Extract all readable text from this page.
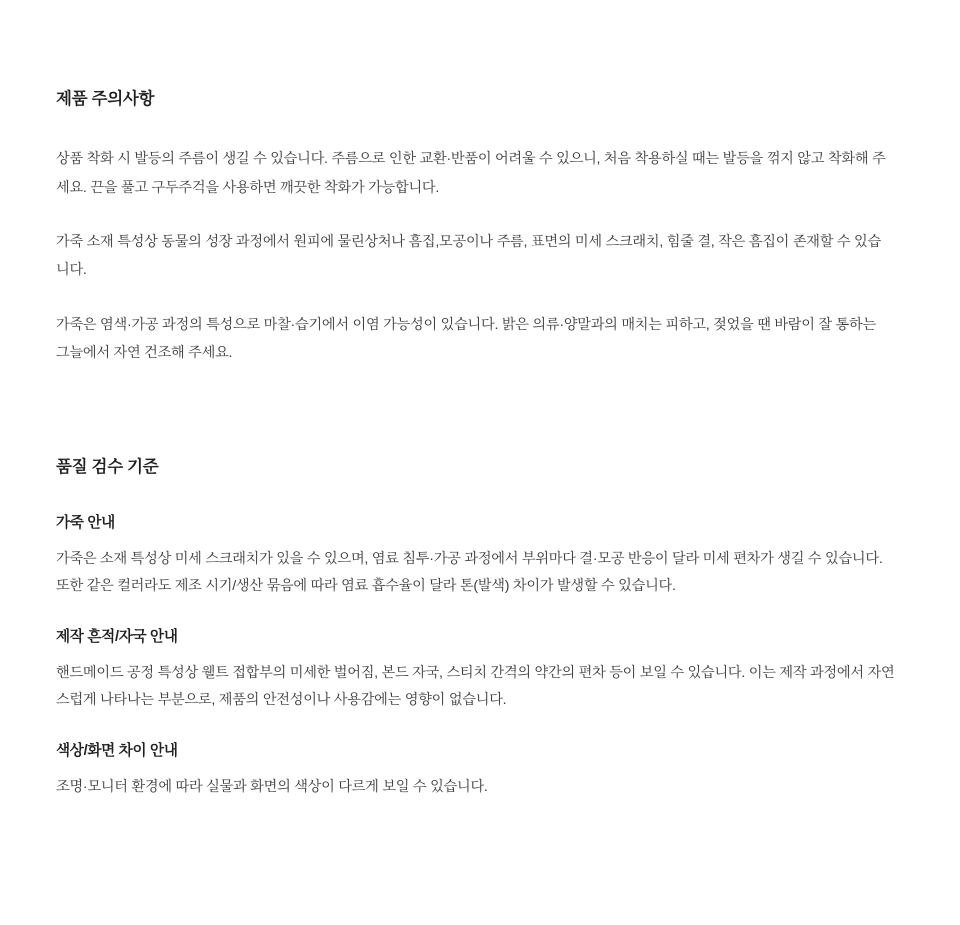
제품 주의사항

상품 착화 시 발등의 주름이 생길 수 있습니다. 주름으로 인한 교환·반품이 어려울 수 있으니, 처음 착용하실 때는 발등을 꺾지 않고 착화해 주세요. 끈을 풀고 구두주걱을 사용하면 깨끗한 착화가 가능합니다.

가죽 소재 특성상 동물의 성장 과정에서 원피에 물린상처나 흠집,모공이나 주름, 표면의 미세 스크래치, 힘줄 결, 작은 흠집이 존재할 수 있습니다.

가죽은 염색·가공 과정의 특성으로 마찰·습기에서 이염 가능성이 있습니다. 밝은 의류·양말과의 매치는 피하고, 젖었을 땐 바람이 잘 통하는 그늘에서 자연 건조해 주세요.

품질 검수 기준
가죽 안내

가죽은 소재 특성상 미세 스크래치가 있을 수 있으며, 염료 침투·가공 과정에서 부위마다 결·모공 반응이 달라 미세 편차가 생길 수 있습니다. 또한 같은 컬러라도 제조 시기/생산 묶음에 따라 염료 흡수율이 달라 톤(발색) 차이가 발생할 수 있습니다.

제작 흔적/자국 안내

핸드메이드 공정 특성상 웰트 접합부의 미세한 벌어짐, 본드 자국, 스티치 간격의 약간의 편차 등이 보일 수 있습니다. 이는 제작 과정에서 자연스럽게 나타나는 부분으로, 제품의 안전성이나 사용감에는 영향이 없습니다.

색상/화면 차이 안내

조명·모니터 환경에 따라 실물과 화면의 색상이 다르게 보일 수 있습니다.
